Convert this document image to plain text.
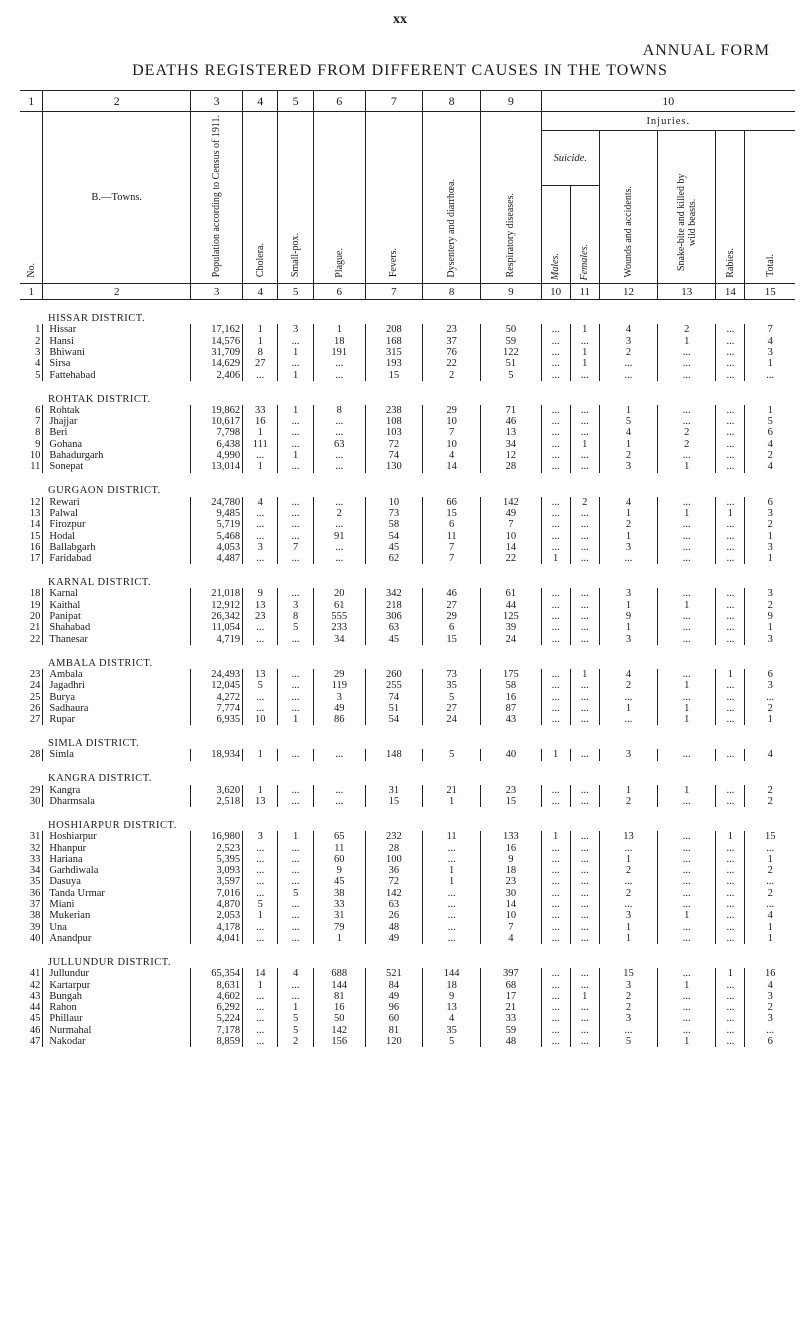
xx
ANNUAL FORM
DEATHS REGISTERED FROM DIFFERENT CAUSES IN THE TOWNS
1	2	3	4	5	6	7	8	9	10					
No.	B.—Towns.	Population according to Census of 1911.	Cholera.	Small-pox.	Plague.	Fevers.	Dysentery and diarrhœa.	Respiratory diseases.	Injuries.					
									Suicide.		Wounds and accidents.	Snake-bite and killed by wild beasts.	Rabies.	Total.
									Males.	Females.				
1	2	3	4	5	6	7	8	9	10	11	12	13	14	15
HISSAR DISTRICT.														
1	Hissar	17,162	1	3	1	208	23	50	...	1	4	2	...	7
2	Hansi	14,576	1	...	18	168	37	59	...	...	3	1	...	4
3	Bhiwani	31,709	8	1	191	315	76	122	...	1	2	...	...	3
4	Sirsa	14,629	27	...	...	193	22	51	...	1	...	...	...	1
5	Fattehabad	2,406	...	1	...	15	2	5	...	...	...	...	...	...
ROHTAK DISTRICT.														
6	Rohtak	19,862	33	1	8	238	29	71	...	...	1	...	...	1
7	Jhajjar	10,617	16	...	...	108	10	46	...	...	5	...	...	5
8	Beri	7,798	1	...	...	103	7	13	...	...	4	2	...	6
9	Gohana	6,438	111	...	63	72	10	34	...	1	1	2	...	4
10	Bahadurgarh	4,990	...	1	...	74	4	12	...	...	2	...	...	2
11	Sonepat	13,014	1	...	...	130	14	28	...	...	3	1	...	4
GURGAON DISTRICT.														
12	Rewari	24,780	4	...	...	10	66	142	...	2	4	...	...	6
13	Palwal	9,485	...	...	2	73	15	49	...	...	1	1	1	3
14	Firozpur	5,719	...	...	...	58	6	7	...	...	2	...	...	2
15	Hodal	5,468	...	...	91	54	11	10	...	...	1	...	...	1
16	Ballabgarh	4,053	3	7	...	45	7	14	...	...	3	...	...	3
17	Faridabad	4,487	...	...	...	62	7	22	1	...	...	...	...	1
KARNAL DISTRICT.														
18	Karnal	21,018	9	...	20	342	46	61	...	...	3	...	...	3
19	Kaithal	12,912	13	3	61	218	27	44	...	...	1	1	...	2
20	Panipat	26,342	23	8	555	306	29	125	...	...	9	...	...	9
21	Shahabad	11,054	...	5	233	63	6	39	...	...	1	...	...	1
22	Thanesar	4,719	...	...	34	45	15	24	...	...	3	...	...	3
AMBALA DISTRICT.														
23	Ambala	24,493	13	...	29	260	73	175	...	1	4	...	1	6
24	Jagadhri	12,045	5	...	119	255	35	58	...	...	2	1	...	3
25	Burya	4,272	...	...	3	74	5	16	...	...	...	...	...	...
26	Sadhaura	7,774	...	...	49	51	27	87	...	...	1	1	...	2
27	Rupar	6,935	10	1	86	54	24	43	...	...	...	1	...	1
SIMLA DISTRICT.														
28	Simla	18,934	1	...	...	148	5	40	1	...	3	...	...	4
KANGRA DISTRICT.														
29	Kangra	3,620	1	...	...	31	21	23	...	...	1	1	...	2
30	Dharmsala	2,518	13	...	...	15	1	15	...	...	2	...	...	2
HOSHIARPUR DISTRICT.														
31	Hoshiarpur	16,980	3	1	65	232	11	133	1	...	13	...	1	15
32	Hhanpur	2,523	...	...	11	28	...	16	...	...	...	...	...	...
33	Hariana	5,395	...	...	60	100	...	9	...	...	1	...	...	1
34	Garhdiwala	3,093	...	...	9	36	1	18	...	...	2	...	...	2
35	Dasuya	3,597	...	...	45	72	1	23	...	...	...	...	...	...
36	Tanda Urmar	7,016	...	5	38	142	...	30	...	...	2	...	...	2
37	Miani	4,870	5	...	33	63	...	14	...	...	...	...	...	...
38	Mukerian	2,053	1	...	31	26	...	10	...	...	3	1	...	4
39	Una	4,178	...	...	79	48	...	7	...	...	1	...	...	1
40	Anandpur	4,041	...	...	1	49	...	4	...	...	1	...	...	1
JULLUNDUR DISTRICT.														
41	Jullundur	65,354	14	4	688	521	144	397	...	...	15	...	1	16
42	Kartarpur	8,631	1	...	144	84	18	68	...	...	3	1	...	4
43	Bungah	4,602	...	...	81	49	9	17	...	1	2	...	...	3
44	Rahon	6,292	...	1	16	96	13	21	...	...	2	...	...	2
45	Phillaur	5,224	...	5	50	60	4	33	...	...	3	...	...	3
46	Nurmahal	7,178	...	5	142	81	35	59	...	...	...	...	...	...
47	Nakodar	8,859	...	2	156	120	5	48	...	...	5	1	...	6
